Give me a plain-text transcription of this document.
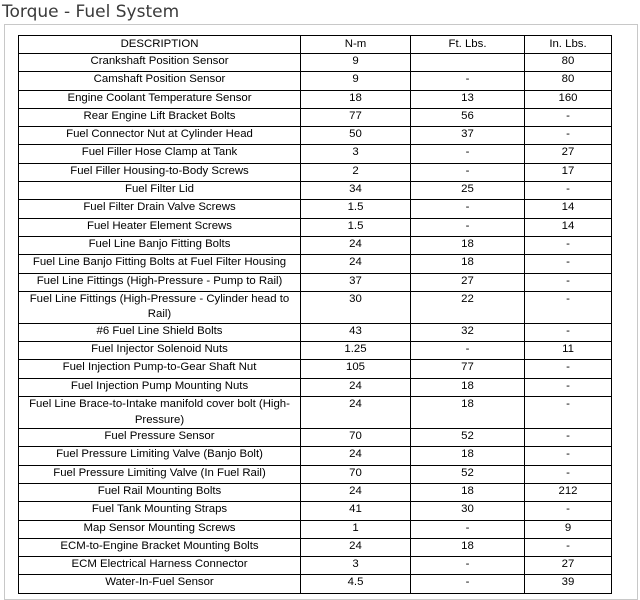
Torque - Fuel System
DESCRIPTION	N-m	Ft. Lbs.	In. Lbs.
Crankshaft Position Sensor	9		80
Camshaft Position Sensor	9	-	80
Engine Coolant Temperature Sensor	18	13	160
Rear Engine Lift Bracket Bolts	77	56	-
Fuel Connector Nut at Cylinder Head	50	37	-
Fuel Filler Hose Clamp at Tank	3	-	27
Fuel Filler Housing-to-Body Screws	2	-	17
Fuel Filter Lid	34	25	-
Fuel Filter Drain Valve Screws	1.5	-	14
Fuel Heater Element Screws	1.5	-	14
Fuel Line Banjo Fitting Bolts	24	18	-
Fuel Line Banjo Fitting Bolts at Fuel Filter Housing	24	18	-
Fuel Line Fittings (High-Pressure - Pump to Rail)	37	27	-
Fuel Line Fittings (High-Pressure - Cylinder head to Rail)	30	22	-
#6 Fuel Line Shield Bolts	43	32	-
Fuel Injector Solenoid Nuts	1.25	-	11
Fuel Injection Pump-to-Gear Shaft Nut	105	77	-
Fuel Injection Pump Mounting Nuts	24	18	-
Fuel Line Brace-to-Intake manifold cover bolt (High-Pressure)	24	18	-
Fuel Pressure Sensor	70	52	-
Fuel Pressure Limiting Valve (Banjo Bolt)	24	18	-
Fuel Pressure Limiting Valve (In Fuel Rail)	70	52	-
Fuel Rail Mounting Bolts	24	18	212
Fuel Tank Mounting Straps	41	30	-
Map Sensor Mounting Screws	1	-	9
ECM-to-Engine Bracket Mounting Bolts	24	18	-
ECM Electrical Harness Connector	3	-	27
Water-In-Fuel Sensor	4.5	-	39
